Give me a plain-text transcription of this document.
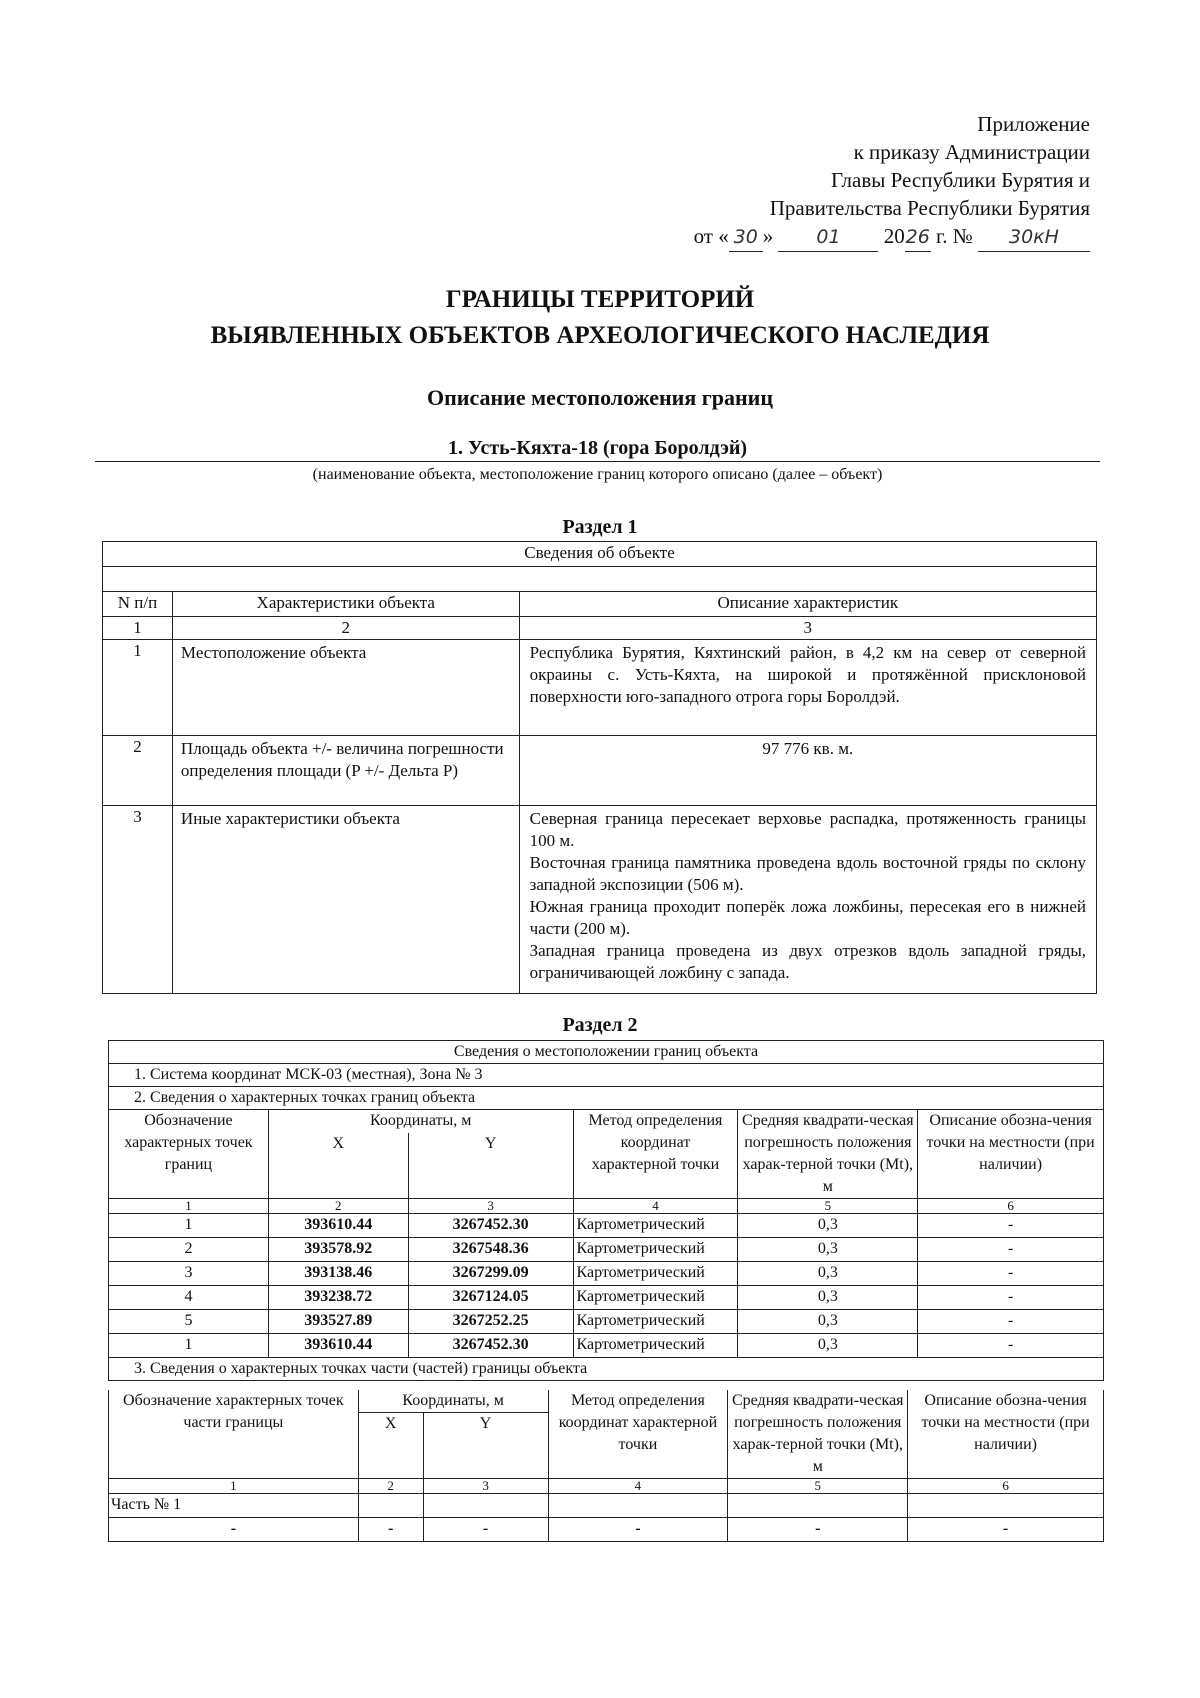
Приложение
к приказу Администрации
Главы Республики Бурятия и
Правительства Республики Бурятия
от « 30 » 01 2026 г. № 30кН
ГРАНИЦЫ ТЕРРИТОРИЙ
ВЫЯВЛЕННЫХ ОБЪЕКТОВ АРХЕОЛОГИЧЕСКОГО НАСЛЕДИЯ
Описание местоположения границ
1. Усть-Кяхта-18 (гора Боролдэй)
(наименование объекта, местоположение границ которого описано (далее – объект)
Раздел 1
Сведения об объекте		

N п/п	Характеристики объекта	Описание характеристик
1	2	3
1	Местоположение объекта	Республика Бурятия, Кяхтинский район, в 4,2 км на север от северной окраины с. Усть-Кяхта, на широкой и протяжённой присклоновой поверхности юго-западного отрога горы Боролдэй.
2	Площадь объекта +/- величина погрешности определения площади (P +/- Дельта P)	97 776 кв. м.
3	Иные характеристики объекта	Северная граница пересекает верховье распадка, протяженность границы 100 м.
Восточная граница памятника проведена вдоль восточной гряды по склону западной экспозиции (506 м).
Южная граница проходит поперёк ложа ложбины, пересекая его в нижней части (200 м).
Западная граница проведена из двух отрезков вдоль западной гряды, ограничивающей ложбину с запада.
Раздел 2
Сведения о местоположении границ объекта					
1. Система координат МСК-03 (местная), Зона № 3					
2. Сведения о характерных точках границ объекта					
Обозначение характерных точек границ	Координаты, м		Метод определения координат характерной точки	Средняя квадрати-ческая погрешность положения харак-терной точки (Mt), м	Описание обозна-чения точки на местности (при наличии)
	X	Y			
1	2	3	4	5	6
1	393610.44	3267452.30	Картометрический	0,3	-
2	393578.92	3267548.36	Картометрический	0,3	-
3	393138.46	3267299.09	Картометрический	0,3	-
4	393238.72	3267124.05	Картометрический	0,3	-
5	393527.89	3267252.25	Картометрический	0,3	-
1	393610.44	3267452.30	Картометрический	0,3	-
3. Сведения о характерных точках части (частей) границы объекта					
Обозначение характерных точек части границы	Координаты, м		Метод определения координат характерной точки	Средняя квадрати-ческая погрешность положения харак-терной точки (Mt), м	Описание обозна-чения точки на местности (при наличии)
	X	Y			
1	2	3	4	5	6
Часть № 1					
-	-	-	-	-	-
